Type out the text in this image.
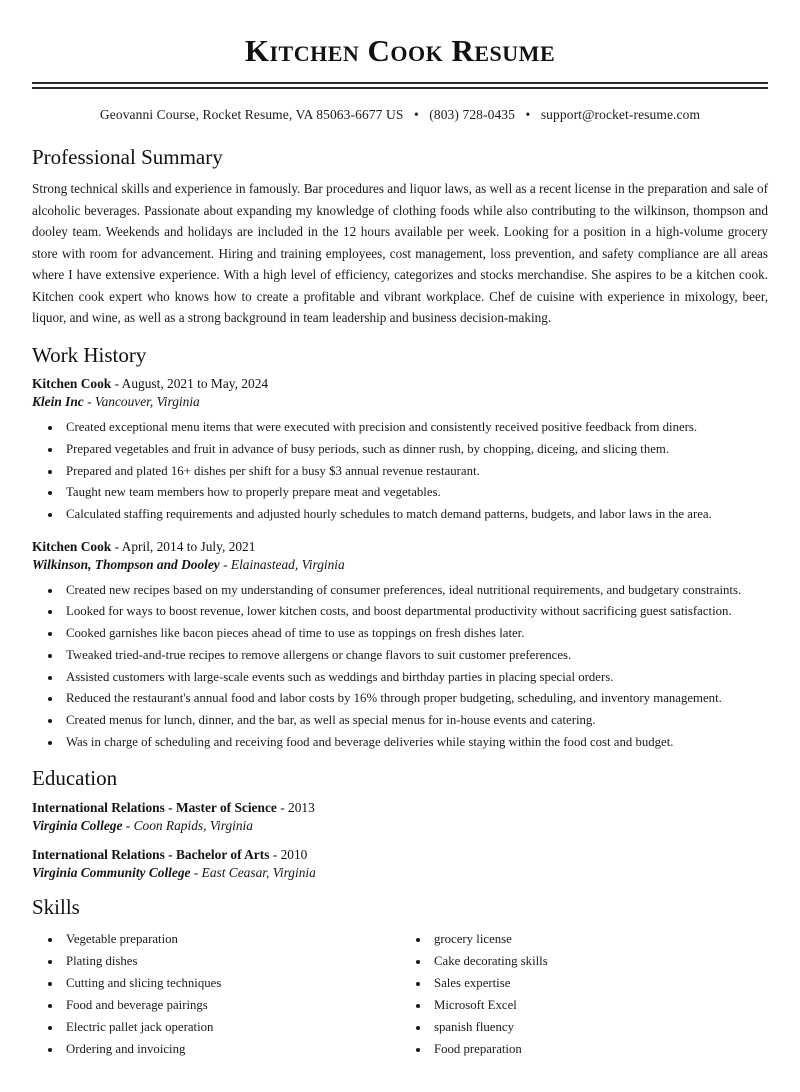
Kitchen Cook Resume
Geovanni Course, Rocket Resume, VA 85063-6677 US • (803) 728-0435 • support@rocket-resume.com
Professional Summary

Strong technical skills and experience in famously. Bar procedures and liquor laws, as well as a recent license in the preparation and sale of alcoholic beverages. Passionate about expanding my knowledge of clothing foods while also contributing to the wilkinson, thompson and dooley team. Weekends and holidays are included in the 12 hours available per week. Looking for a position in a high-volume grocery store with room for advancement. Hiring and training employees, cost management, loss prevention, and safety compliance are all areas where I have extensive experience. With a high level of efficiency, categorizes and stocks merchandise. She aspires to be a kitchen cook. Kitchen cook expert who knows how to create a profitable and vibrant workplace. Chef de cuisine with experience in mixology, beer, liquor, and wine, as well as a strong background in team leadership and business decision-making.

Work History
Kitchen Cook - August, 2021 to May, 2024
Klein Inc - Vancouver, Virginia
• Created exceptional menu items that were executed with precision and consistently received positive feedback from diners.
• Prepared vegetables and fruit in advance of busy periods, such as dinner rush, by chopping, diceing, and slicing them.
• Prepared and plated 16+ dishes per shift for a busy $3 annual revenue restaurant.
• Taught new team members how to properly prepare meat and vegetables.
• Calculated staffing requirements and adjusted hourly schedules to match demand patterns, budgets, and labor laws in the area.
Kitchen Cook - April, 2014 to July, 2021
Wilkinson, Thompson and Dooley - Elainastead, Virginia
• Created new recipes based on my understanding of consumer preferences, ideal nutritional requirements, and budgetary constraints.
• Looked for ways to boost revenue, lower kitchen costs, and boost departmental productivity without sacrificing guest satisfaction.
• Cooked garnishes like bacon pieces ahead of time to use as toppings on fresh dishes later.
• Tweaked tried-and-true recipes to remove allergens or change flavors to suit customer preferences.
• Assisted customers with large-scale events such as weddings and birthday parties in placing special orders.
• Reduced the restaurant's annual food and labor costs by 16% through proper budgeting, scheduling, and inventory management.
• Created menus for lunch, dinner, and the bar, as well as special menus for in-house events and catering.
• Was in charge of scheduling and receiving food and beverage deliveries while staying within the food cost and budget.
Education
International Relations - Master of Science - 2013
Virginia College - Coon Rapids, Virginia
International Relations - Bachelor of Arts - 2010
Virginia Community College - East Ceasar, Virginia
Skills
• Vegetable preparation
• Plating dishes
• Cutting and slicing techniques
• Food and beverage pairings
• Electric pallet jack operation
• Ordering and invoicing
• grocery license
• Cake decorating skills
• Sales expertise
• Microsoft Excel
• spanish fluency
• Food preparation
